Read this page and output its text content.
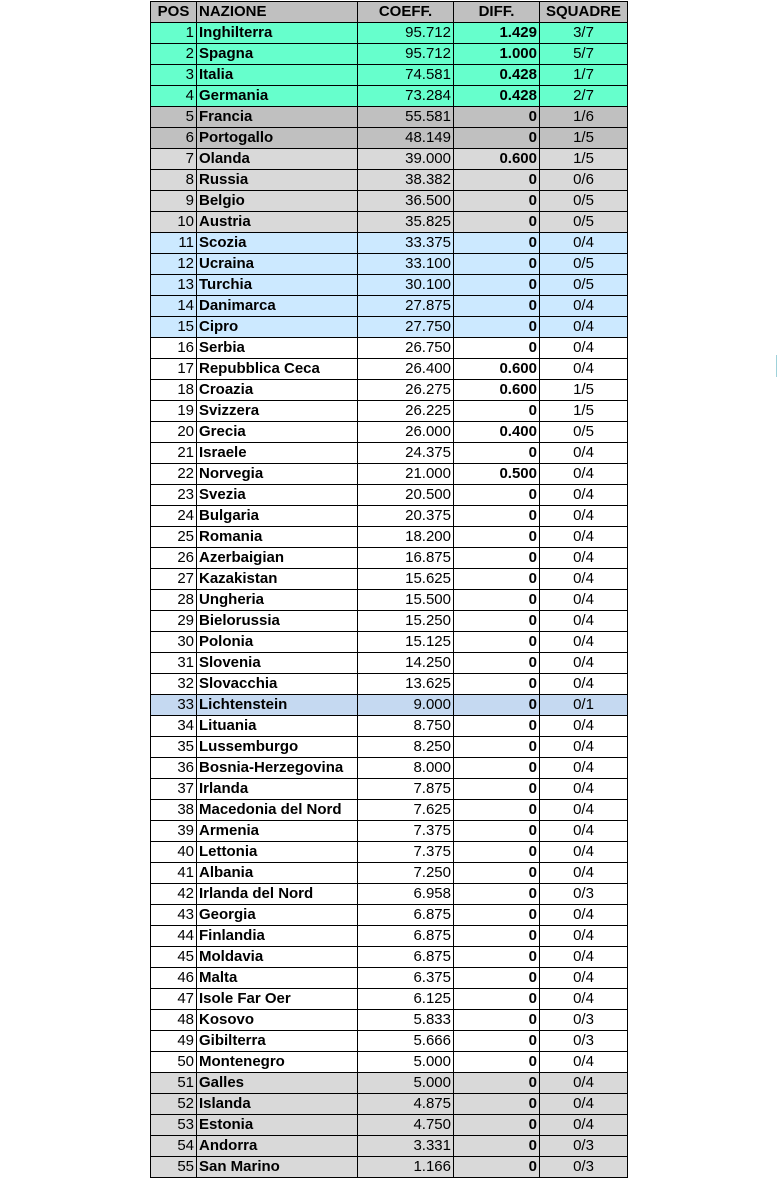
POS	NAZIONE	COEFF.	DIFF.	SQUADRE
1	Inghilterra	95.712	1.429	3/7
2	Spagna	95.712	1.000	5/7
3	Italia	74.581	0.428	1/7
4	Germania	73.284	0.428	2/7
5	Francia	55.581	0	1/6
6	Portogallo	48.149	0	1/5
7	Olanda	39.000	0.600	1/5
8	Russia	38.382	0	0/6
9	Belgio	36.500	0	0/5
10	Austria	35.825	0	0/5
11	Scozia	33.375	0	0/4
12	Ucraina	33.100	0	0/5
13	Turchia	30.100	0	0/5
14	Danimarca	27.875	0	0/4
15	Cipro	27.750	0	0/4
16	Serbia	26.750	0	0/4
17	Repubblica Ceca	26.400	0.600	0/4
18	Croazia	26.275	0.600	1/5
19	Svizzera	26.225	0	1/5
20	Grecia	26.000	0.400	0/5
21	Israele	24.375	0	0/4
22	Norvegia	21.000	0.500	0/4
23	Svezia	20.500	0	0/4
24	Bulgaria	20.375	0	0/4
25	Romania	18.200	0	0/4
26	Azerbaigian	16.875	0	0/4
27	Kazakistan	15.625	0	0/4
28	Ungheria	15.500	0	0/4
29	Bielorussia	15.250	0	0/4
30	Polonia	15.125	0	0/4
31	Slovenia	14.250	0	0/4
32	Slovacchia	13.625	0	0/4
33	Lichtenstein	9.000	0	0/1
34	Lituania	8.750	0	0/4
35	Lussemburgo	8.250	0	0/4
36	Bosnia-Herzegovina	8.000	0	0/4
37	Irlanda	7.875	0	0/4
38	Macedonia del Nord	7.625	0	0/4
39	Armenia	7.375	0	0/4
40	Lettonia	7.375	0	0/4
41	Albania	7.250	0	0/4
42	Irlanda del Nord	6.958	0	0/3
43	Georgia	6.875	0	0/4
44	Finlandia	6.875	0	0/4
45	Moldavia	6.875	0	0/4
46	Malta	6.375	0	0/4
47	Isole Far Oer	6.125	0	0/4
48	Kosovo	5.833	0	0/3
49	Gibilterra	5.666	0	0/3
50	Montenegro	5.000	0	0/4
51	Galles	5.000	0	0/4
52	Islanda	4.875	0	0/4
53	Estonia	4.750	0	0/4
54	Andorra	3.331	0	0/3
55	San Marino	1.166	0	0/3
